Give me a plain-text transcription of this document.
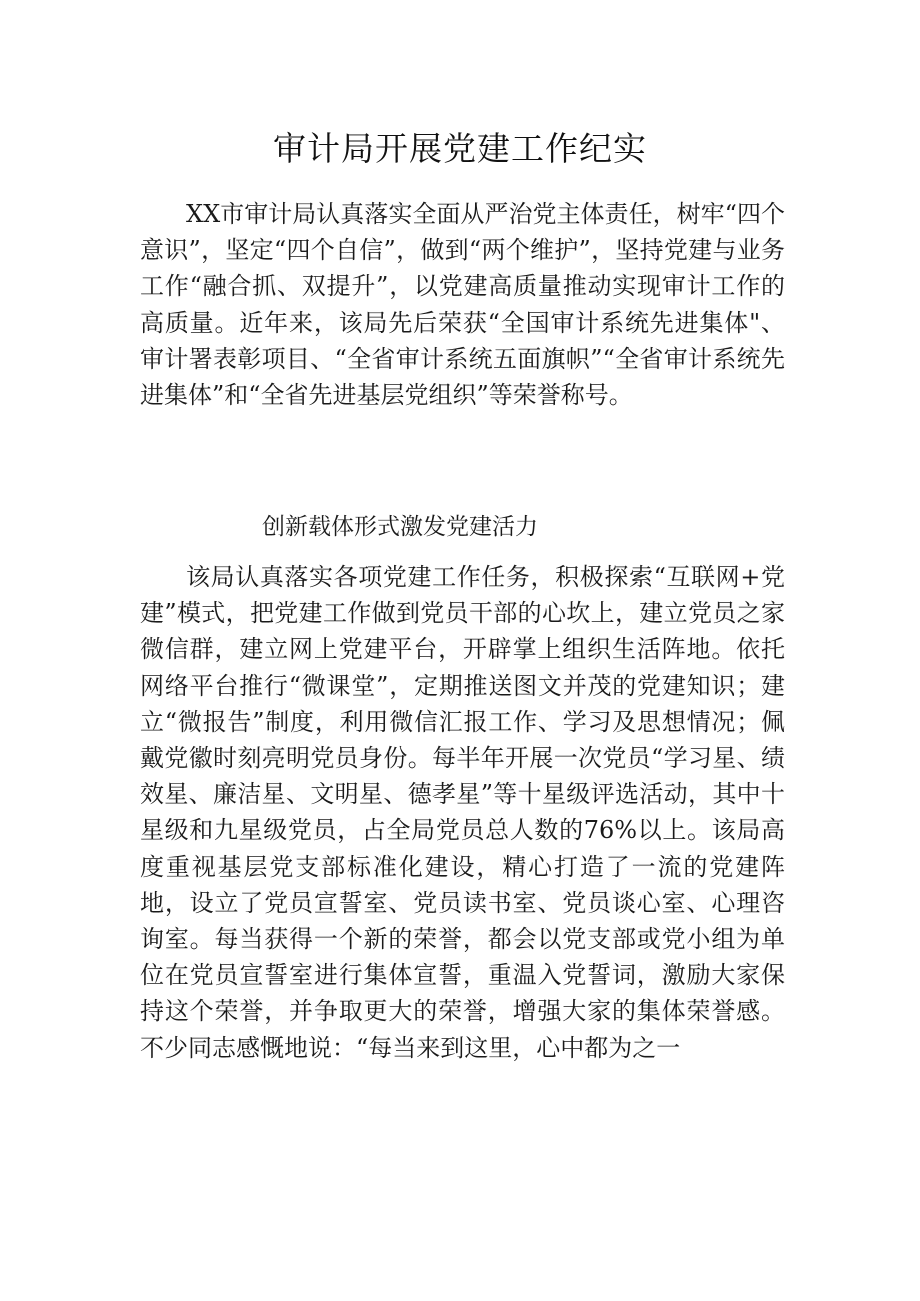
审计局开展党建工作纪实

XX市审计局认真落实全面从严治党主体责任，树牢“四个意识”，坚定“四个自信”，做到“两个维护”，坚持党建与业务工作“融合抓、双提升”，以党建高质量推动实现审计工作的高质量。近年来，该局先后荣获“全国审计系统先进集体"、审计署表彰项目、“全省审计系统五面旗帜”“全省审计系统先进集体”和“全省先进基层党组织”等荣誉称号。

创新载体形式激发党建活力

该局认真落实各项党建工作任务，积极探索“互联网+党建”模式，把党建工作做到党员干部的心坎上，建立党员之家微信群，建立网上党建平台，开辟掌上组织生活阵地。依托网络平台推行“微课堂”，定期推送图文并茂的党建知识；建立“微报告”制度，利用微信汇报工作、学习及思想情况；佩戴党徽时刻亮明党员身份。每半年开展一次党员“学习星、绩效星、廉洁星、文明星、德孝星”等十星级评选活动，其中十星级和九星级党员，占全局党员总人数的76%以上。该局高度重视基层党支部标准化建设，精心打造了一流的党建阵地，设立了党员宣誓室、党员读书室、党员谈心室、心理咨询室。每当获得一个新的荣誉，都会以党支部或党小组为单位在党员宣誓室进行集体宣誓，重温入党誓词，激励大家保持这个荣誉，并争取更大的荣誉，增强大家的集体荣誉感。不少同志感慨地说：“每当来到这里，心中都为之一
